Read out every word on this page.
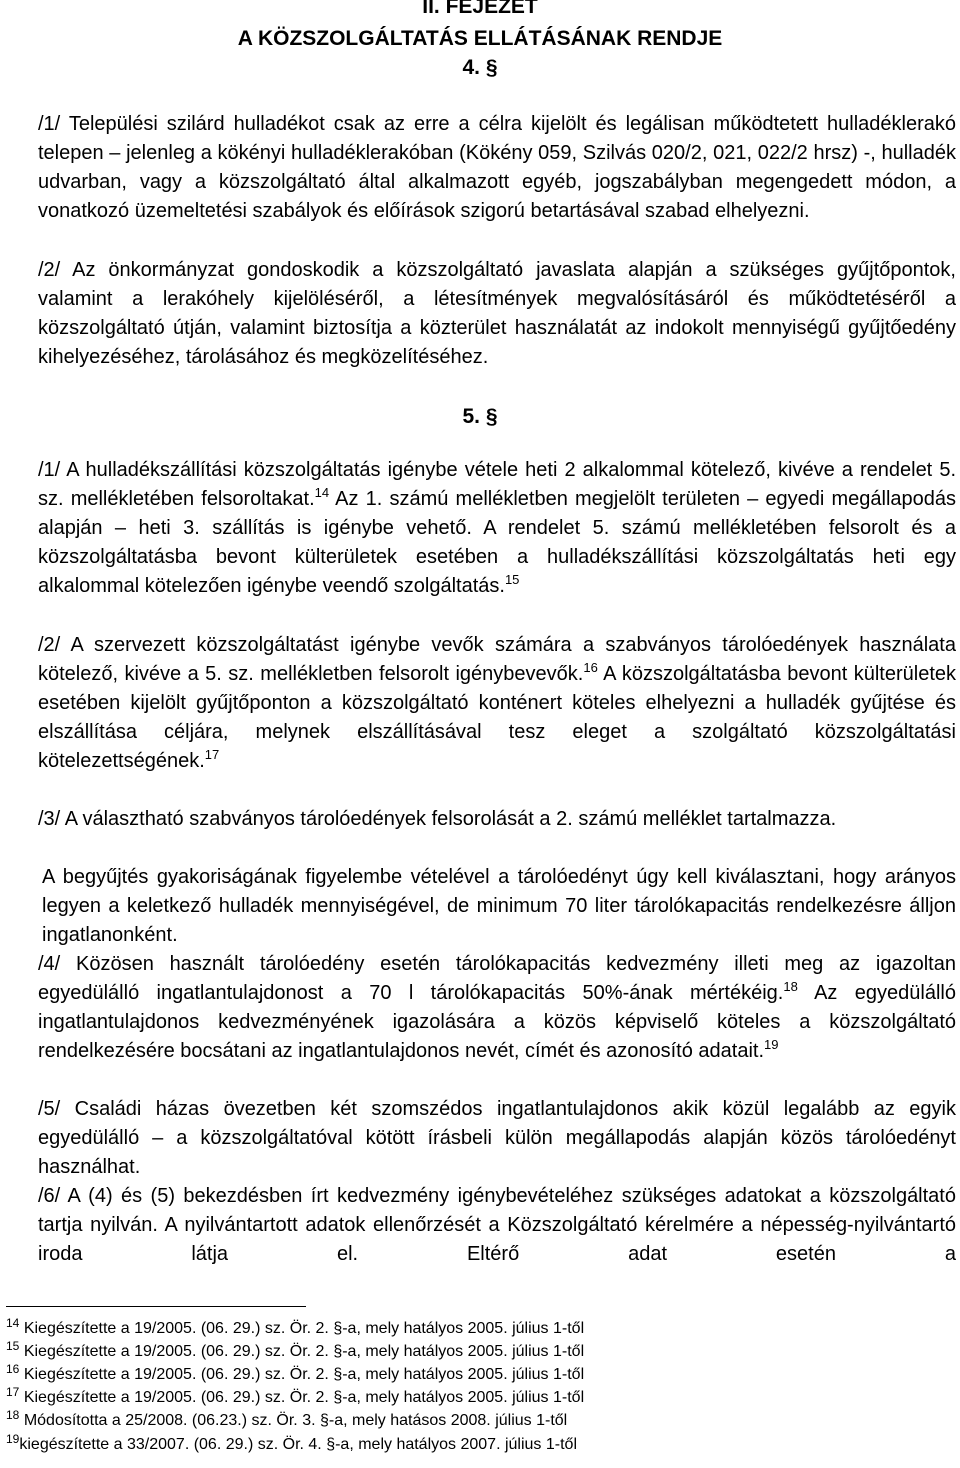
II. FEJEZET
A KÖZSZOLGÁLTATÁS ELLÁTÁSÁNAK RENDJE
4. §
/1/ Települési szilárd hulladékot csak az erre a célra kijelölt és legálisan működtetett hulladéklerakó telepen – jelenleg a kökényi hulladéklerakóban (Kökény 059, Szilvás 020/2, 021, 022/2 hrsz) -, hulladék udvarban, vagy a közszolgáltató által alkalmazott egyéb, jogszabályban megengedett módon, a vonatkozó üzemeltetési szabályok és előírások szigorú betartásával szabad elhelyezni.
/2/ Az önkormányzat gondoskodik a közszolgáltató javaslata alapján a szükséges gyűjtőpontok, valamint a lerakóhely kijelöléséről, a létesítmények megvalósításáról és működtetéséről a közszolgáltató útján, valamint biztosítja a közterület használatát az indokolt mennyiségű gyűjtőedény kihelyezéséhez, tárolásához és megközelítéséhez.
5. §
/1/ A hulladékszállítási közszolgáltatás igénybe vétele heti 2 alkalommal kötelező, kivéve a rendelet 5. sz. mellékletében felsoroltakat.$^{14}$ Az 1. számú mellékletben megjelölt területen – egyedi megállapodás alapján – heti 3. szállítás is igénybe vehető. A rendelet 5. számú mellékletében felsorolt és a közszolgáltatásba bevont külterületek esetében a hulladékszállítási közszolgáltatás heti egy alkalommal kötelezően igénybe veendő szolgáltatás.$^{15}$
/2/ A szervezett közszolgáltatást igénybe vevők számára a szabványos tárolóedények használata kötelező, kivéve a 5. sz. mellékletben felsorolt igénybevevők.$^{16}$ A közszolgáltatásba bevont külterületek esetében kijelölt gyűjtőponton a közszolgáltató konténert köteles elhelyezni a hulladék gyűjtése és elszállítása céljára, melynek elszállításával tesz eleget a szolgáltató közszolgáltatási kötelezettségének.$^{17}$
/3/ A választható szabványos tárolóedények felsorolását a 2. számú melléklet tartalmazza.
A begyűjtés gyakoriságának figyelembe vételével a tárolóedényt úgy kell kiválasztani, hogy arányos legyen a keletkező hulladék mennyiségével, de minimum 70 liter tárolókapacitás rendelkezésre álljon ingatlanonként.
/4/ Közösen használt tárolóedény esetén tárolókapacitás kedvezmény illeti meg az igazoltan egyedülálló ingatlantulajdonost a 70 l tárolókapacitás 50%-ának mértékéig.$^{18}$ Az egyedülálló ingatlantulajdonos kedvezményének igazolására a közös képviselő köteles a közszolgáltató rendelkezésére bocsátani az ingatlantulajdonos nevét, címét és azonosító adatait.$^{19}$
/5/ Családi házas övezetben két szomszédos ingatlantulajdonos akik közül legalább az egyik egyedülálló – a közszolgáltatóval kötött írásbeli külön megállapodás alapján közös tárolóedényt használhat.
/6/ A (4) és (5) bekezdésben írt kedvezmény igénybevételéhez szükséges adatokat a közszolgáltató tartja nyilván. A nyilvántartott adatok ellenőrzését a Közszolgáltató kérelmére a népesség-nyilvántartó iroda látja el. Eltérő adat esetén a
$^{14}$ Kiegészítette a 19/2005. (06. 29.) sz. Ör. 2. §-a, mely hatályos 2005. július 1-től
$^{15}$ Kiegészítette a 19/2005. (06. 29.) sz. Ör. 2. §-a, mely hatályos 2005. július 1-től
$^{16}$ Kiegészítette a 19/2005. (06. 29.) sz. Ör. 2. §-a, mely hatályos 2005. július 1-től
$^{17}$ Kiegészítette a 19/2005. (06. 29.) sz. Ör. 2. §-a, mely hatályos 2005. július 1-től
$^{18}$ Módosította a 25/2008. (06.23.) sz. Ör. 3. §-a, mely hatásos 2008. július 1-től
$^{19}$kiegészítette a 33/2007. (06. 29.) sz. Ör. 4. §-a, mely hatályos 2007. július 1-től
